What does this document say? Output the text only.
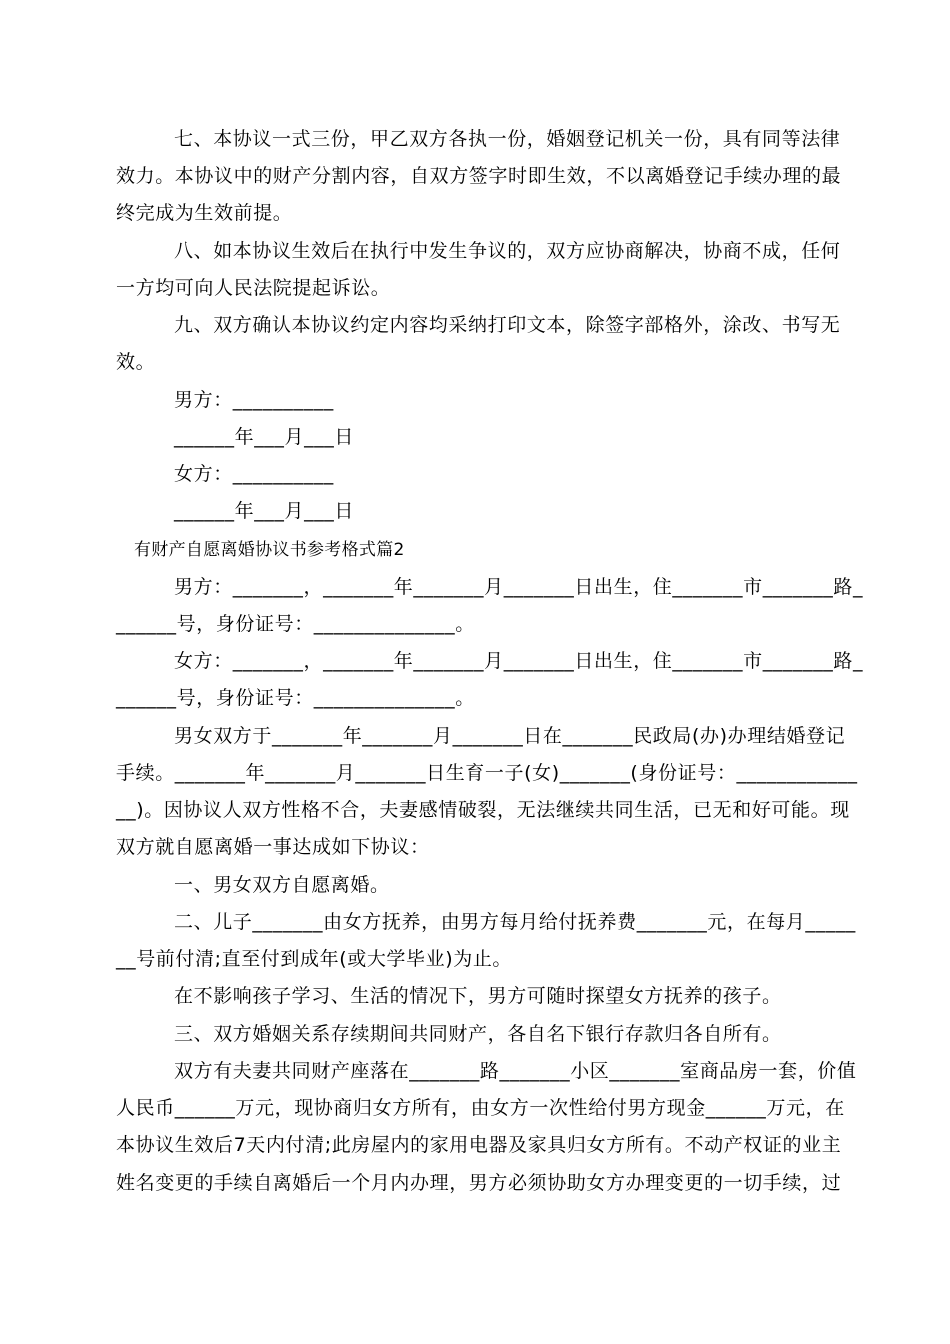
七、本协议一式三份，甲乙双方各执一份，婚姻登记机关一份，具有同等法律
效力。本协议中的财产分割内容，自双方签字时即生效，不以离婚登记手续办理的最
终完成为生效前提。
八、如本协议生效后在执行中发生争议的，双方应协商解决，协商不成，任何
一方均可向人民法院提起诉讼。
九、双方确认本协议约定内容均采纳打印文本，除签字部格外，涂改、书写无
效。
男方：__________
______年___月___日
女方：__________
______年___月___日
有财产自愿离婚协议书参考格式篇2
男方：_______，_______年_______月_______日出生，住_______市_______路_
______号，身份证号：______________。
女方：_______，_______年_______月_______日出生，住_______市_______路_
______号，身份证号：______________。
男女双方于_______年_______月_______日在_______民政局(办)办理结婚登记
手续。_______年_______月_______日生育一子(女)_______(身份证号：____________
__)。因协议人双方性格不合，夫妻感情破裂，无法继续共同生活，已无和好可能。现
双方就自愿离婚一事达成如下协议：
一、男女双方自愿离婚。
二、儿子_______由女方抚养，由男方每月给付抚养费_______元，在每月_____
__号前付清;直至付到成年(或大学毕业)为止。
在不影响孩子学习、生活的情况下，男方可随时探望女方抚养的孩子。
三、双方婚姻关系存续期间共同财产，各自名下银行存款归各自所有。
双方有夫妻共同财产座落在_______路_______小区_______室商品房一套，价值
人民币______万元，现协商归女方所有，由女方一次性给付男方现金______万元，在
本协议生效后7天内付清;此房屋内的家用电器及家具归女方所有。不动产权证的业主
姓名变更的手续自离婚后一个月内办理，男方必须协助女方办理变更的一切手续，过
